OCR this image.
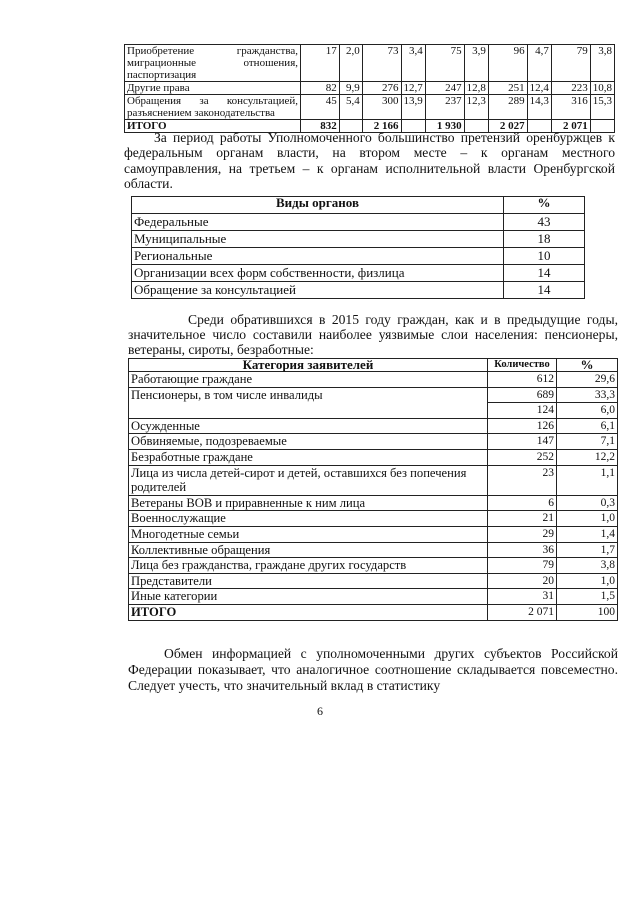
Приобретение гражданства, миграционные отношения, паспортизация	17	2,0	73	3,4	75	3,9	96	4,7	79	3,8
Другие права	82	9,9	276	12,7	247	12,8	251	12,4	223	10,8
Обращения за консультацией, разъяснением законодательства	45	5,4	300	13,9	237	12,3	289	14,3	316	15,3
ИТОГО	832		2 166		1 930		2 027		2 071	

За период работы Уполномоченного большинство претензий оренбуржцев к федеральным органам власти, на втором месте – к органам местного самоуправления, на третьем – к органам исполнительной власти Оренбургской области.

Виды органов	%
Федеральные	43
Муниципальные	18
Региональные	10
Организации всех форм собственности, физлица	14
Обращение за консультацией	14

Среди обратившихся в 2015 году граждан, как и в предыдущие годы, значительное число составили наиболее уязвимые слои населения: пенсионеры, ветераны, сироты, безработные:

Категория заявителей	Количество	%
Работающие граждане	612	29,6
Пенсионеры, в том числе инвалиды	689	33,3
	124	6,0
Осужденные	126	6,1
Обвиняемые, подозреваемые	147	7,1
Безработные граждане	252	12,2
Лица из числа детей-сирот и детей, оставшихся без попечения родителей	23	1,1
Ветераны ВОВ и приравненные к ним лица	6	0,3
Военнослужащие	21	1,0
Многодетные семьи	29	1,4
Коллективные обращения	36	1,7
Лица без гражданства, граждане других государств	79	3,8
Представители	20	1,0
Иные категории	31	1,5
ИТОГО	2 071	100

Обмен информацией с уполномоченными других субъектов Российской Федерации показывает, что аналогичное соотношение складывается повсеместно. Следует учесть, что значительный вклад в статистику

6
